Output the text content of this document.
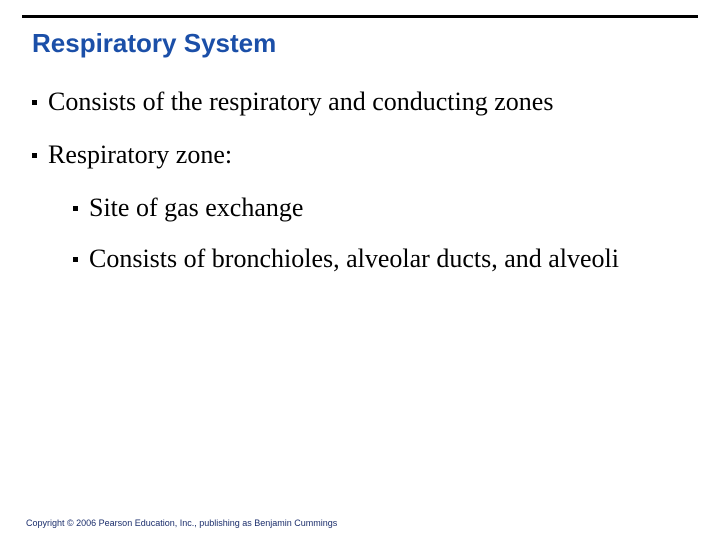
Respiratory System
Consists of the respiratory and conducting zones
Respiratory zone:
Site of gas exchange
Consists of bronchioles, alveolar ducts, and alveoli
Copyright © 2006 Pearson Education, Inc., publishing as Benjamin Cummings
